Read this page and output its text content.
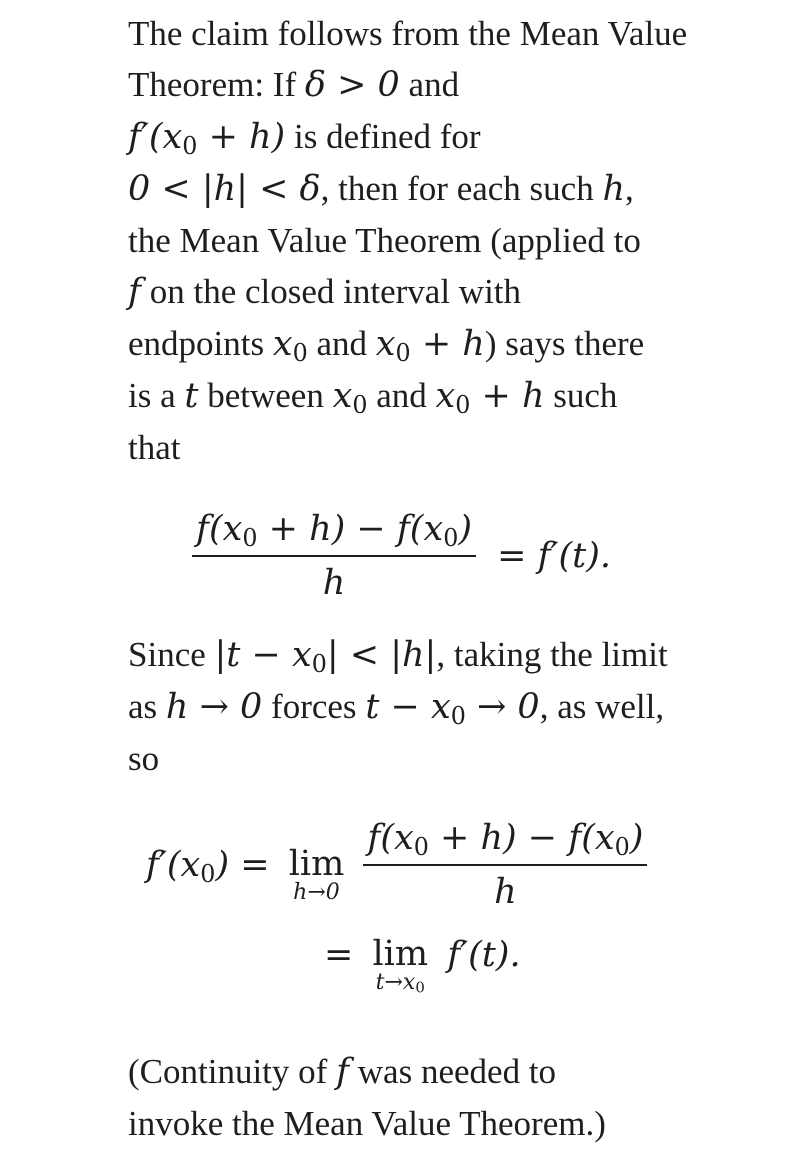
The claim follows from the Mean Value Theorem: If δ > 0 and
$f'(x_0 + h)$ is defined for
0 < |h| < δ, then for each such h,
the Mean Value Theorem (applied to
f on the closed interval with
endpoints $x_0$ and $x_0 + h$) says there
is a t between $x_0$ and $x_0 + h$ such
that

$\frac{f(x_0 + h) - f(x_0)}{h} = f'(t)$.

Since $|t - x_0| < |h|$, taking the limit
as h → 0 forces $t - x_0 \to 0$, as well,
so

$f'(x_0) = \lim$
h→0
$\frac{f(x_0 + h) - f(x_0)}{h}$
= lim
$t\to x_0$
f′(t).

(Continuity of f was needed to
invoke the Mean Value Theorem.)
